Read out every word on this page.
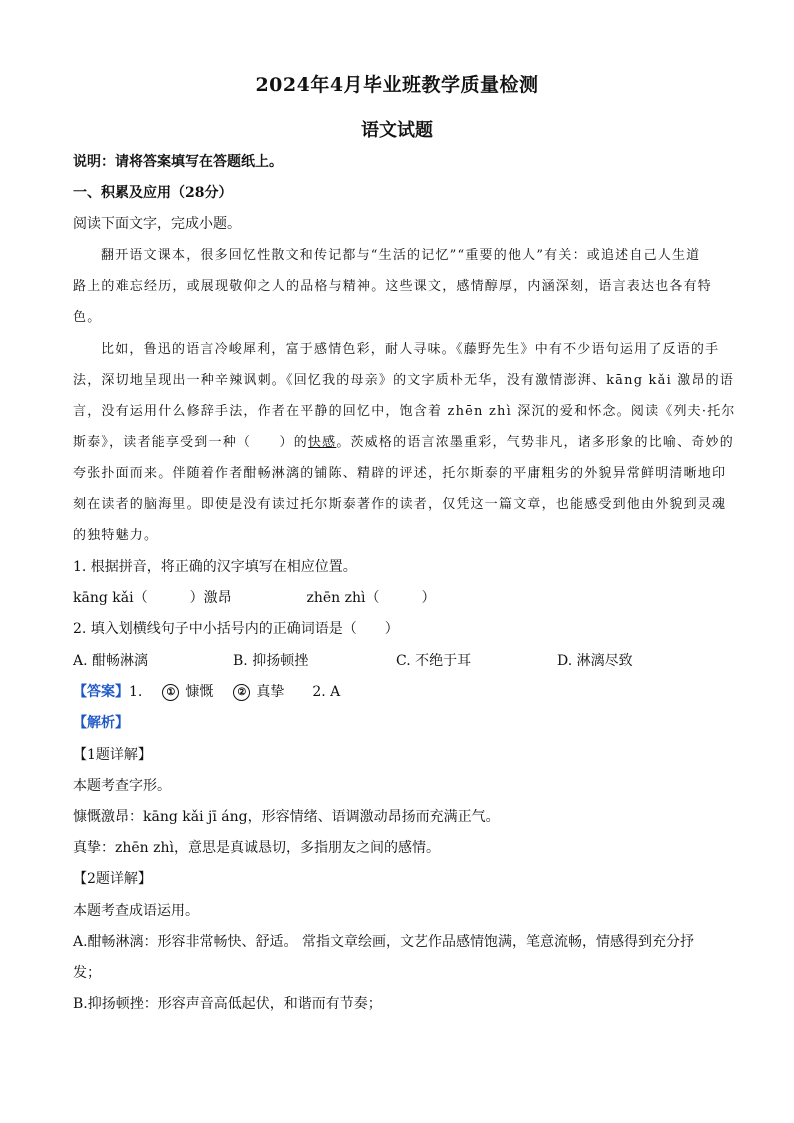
2024年4月毕业班教学质量检测
语文试题
说明：请将答案填写在答题纸上。
一、积累及应用（28分）
阅读下面文字，完成小题。
翻开语文课本，很多回忆性散文和传记都与“生活的记忆”“重要的他人”有关：或追述自己人生道
路上的难忘经历，或展现敬仰之人的品格与精神。这些课文，感情醇厚，内涵深刻，语言表达也各有特
色。
比如，鲁迅的语言冷峻犀利，富于感情色彩，耐人寻味。《藤野先生》中有不少语句运用了反语的手
法，深切地呈现出一种辛辣讽刺。《回忆我的母亲》的文字质朴无华，没有激情澎湃、kāng kǎi 激昂的语
言，没有运用什么修辞手法，作者在平静的回忆中，饱含着 zhēn zhì 深沉的爱和怀念。阅读《列夫·托尔
斯泰》，读者能享受到一种（　　）的快感。茨威格的语言浓墨重彩，气势非凡，诸多形象的比喻、奇妙的
夸张扑面而来。伴随着作者酣畅淋漓的铺陈、精辟的评述，托尔斯泰的平庸粗劣的外貌异常鲜明清晰地印
刻在读者的脑海里。即使是没有读过托尔斯泰著作的读者，仅凭这一篇文章，也能感受到他由外貌到灵魂
的独特魅力。
1. 根据拼音，将正确的汉字填写在相应位置。
kāng kǎi（	）激昂	zhēn zhì（	）
2. 填入划横线句子中小括号内的正确词语是（　　）
A. 酣畅淋漓	B. 抑扬顿挫	C. 不绝于耳	D. 淋漓尽致
【答案】1. ① 慷慨 ② 真挚 2. A
【解析】
【1题详解】
本题考查字形。
慷慨激昂：kāng kǎi jī áng，形容情绪、语调激动昂扬而充满正气。
真挚：zhēn zhì，意思是真诚恳切，多指朋友之间的感情。
【2题详解】
本题考查成语运用。
A.酣畅淋漓：形容非常畅快、舒适。 常指文章绘画，文艺作品感情饱满，笔意流畅，情感得到充分抒
发；
B.抑扬顿挫：形容声音高低起伏，和谐而有节奏；
